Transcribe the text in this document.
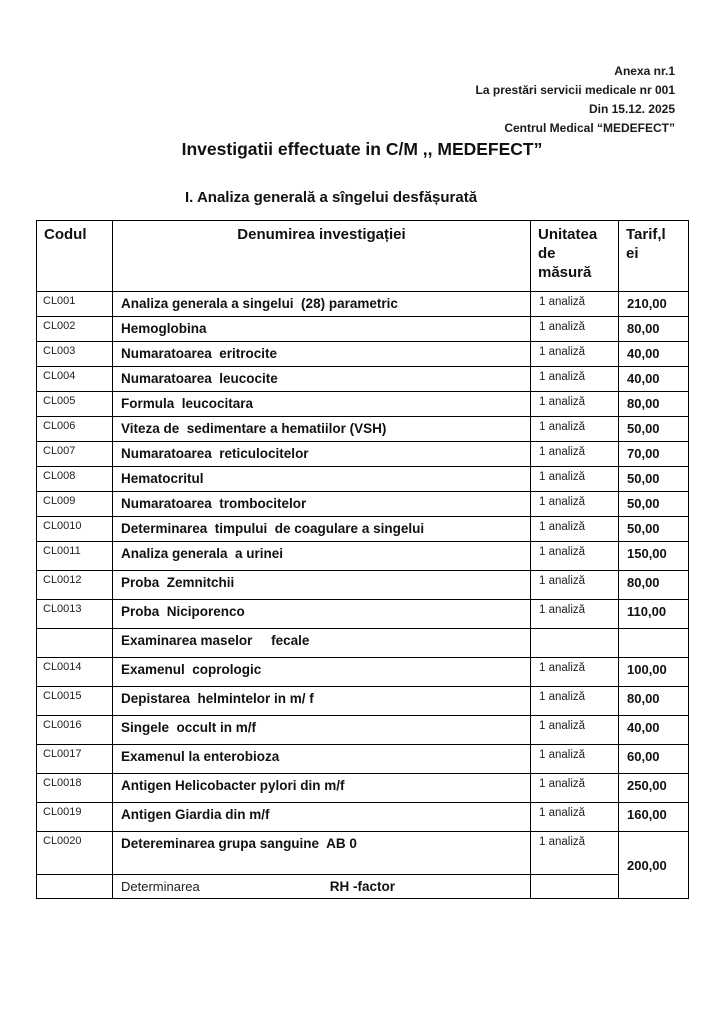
Anexa nr.1
La prestări servicii medicale nr 001
Din 15.12. 2025
Centrul Medical “MEDEFECT”
Investigatii effectuate in C/M ,, MEDEFECT”
I. Analiza generală a sîngelui desfășurată
Codul	Denumirea investigației	Unitatea de măsură	Tarif,lei
CL001	Analiza generala a singelui  (28) parametric	1 analiză	210,00
CL002	Hemoglobina	1 analiză	80,00
CL003	Numaratoarea  eritrocite	1 analiză	40,00
CL004	Numaratoarea  leucocite	1 analiză	40,00
CL005	Formula  leucocitara	1 analiză	80,00
CL006	Viteza de  sedimentare a hematiilor (VSH)	1 analiză	50,00
CL007	Numaratoarea  reticulocitelor	1 analiză	70,00
CL008	Hematocritul	1 analiză	50,00
CL009	Numaratoarea  trombocitelor	1 analiză	50,00
CL0010	Determinarea  timpului  de coagulare a singelui	1 analiză	50,00
CL0011	Analiza generala  a urinei	1 analiză	150,00
CL0012	Proba  Zemnitchii	1 analiză	80,00
CL0013	Proba  Niciporenco	1 analiză	110,00
	Examinarea maselor     fecale		
CL0014	Examenul  coprologic	1 analiză	100,00
CL0015	Depistarea  helmintelor in m/ f	1 analiză	80,00
CL0016	Singele  occult in m/f	1 analiză	40,00
CL0017	Examenul la enterobioza	1 analiză	60,00
CL0018	Antigen Helicobacter pylori din m/f	1 analiză	250,00
CL0019	Antigen Giardia din m/f	1 analiză	160,00
CL0020	Detereminarea grupa sanguine  AB 0	1 analiză	200,00
	Determinarea RH -factor		
